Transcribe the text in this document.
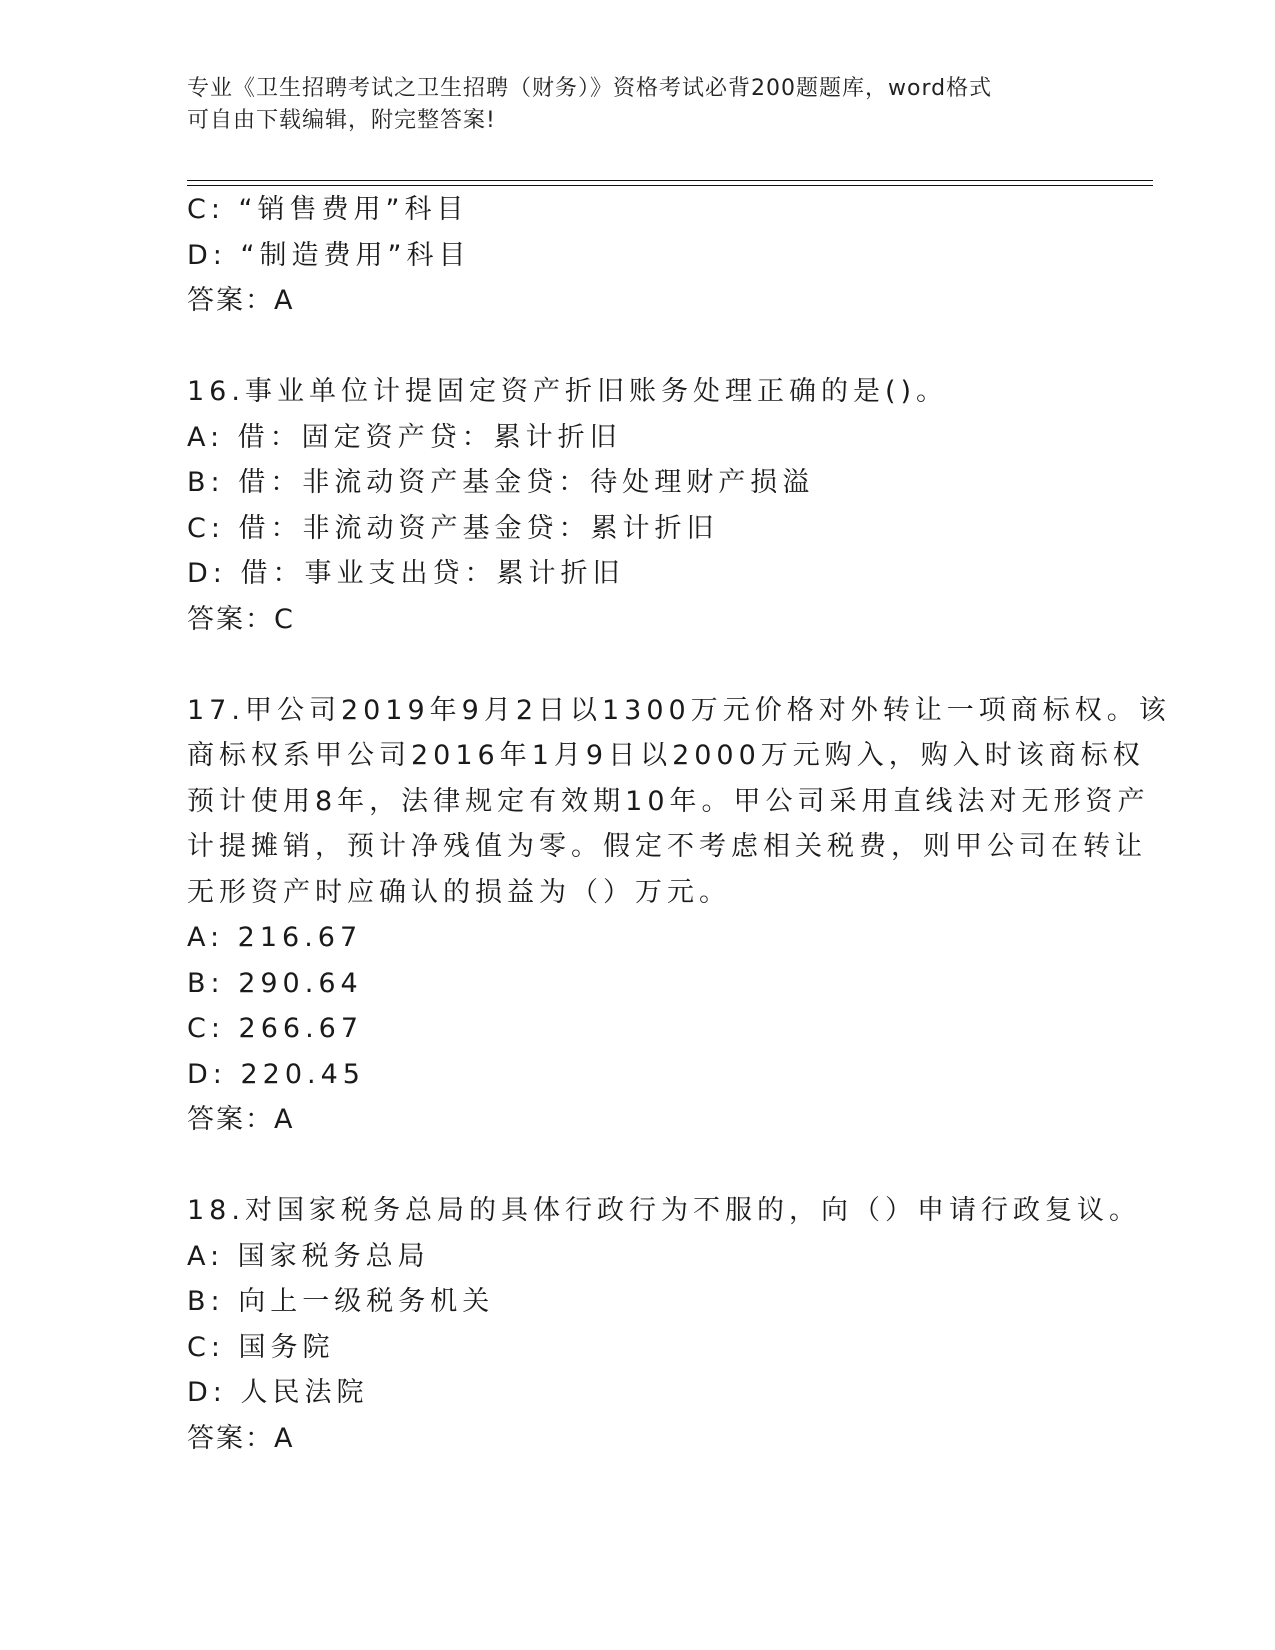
专业《卫生招聘考试之卫生招聘（财务）》资格考试必背200题题库，word格式
可自由下载编辑，附完整答案!
C: “销售费用”科目
D: “制造费用”科目
答案：A
16.事业单位计提固定资产折旧账务处理正确的是()。
A: 借：固定资产贷：累计折旧
B: 借：非流动资产基金贷：待处理财产损溢
C: 借：非流动资产基金贷：累计折旧
D: 借：事业支出贷：累计折旧
答案：C
17.甲公司2019年9月2日以1300万元价格对外转让一项商标权。该
商标权系甲公司2016年1月9日以2000万元购入，购入时该商标权
预计使用8年，法律规定有效期10年。甲公司采用直线法对无形资产
计提摊销，预计净残值为零。假定不考虑相关税费，则甲公司在转让
无形资产时应确认的损益为（）万元。
A: 216.67
B: 290.64
C: 266.67
D: 220.45
答案：A
18.对国家税务总局的具体行政行为不服的，向（）申请行政复议。
A: 国家税务总局
B: 向上一级税务机关
C: 国务院
D: 人民法院
答案：A
